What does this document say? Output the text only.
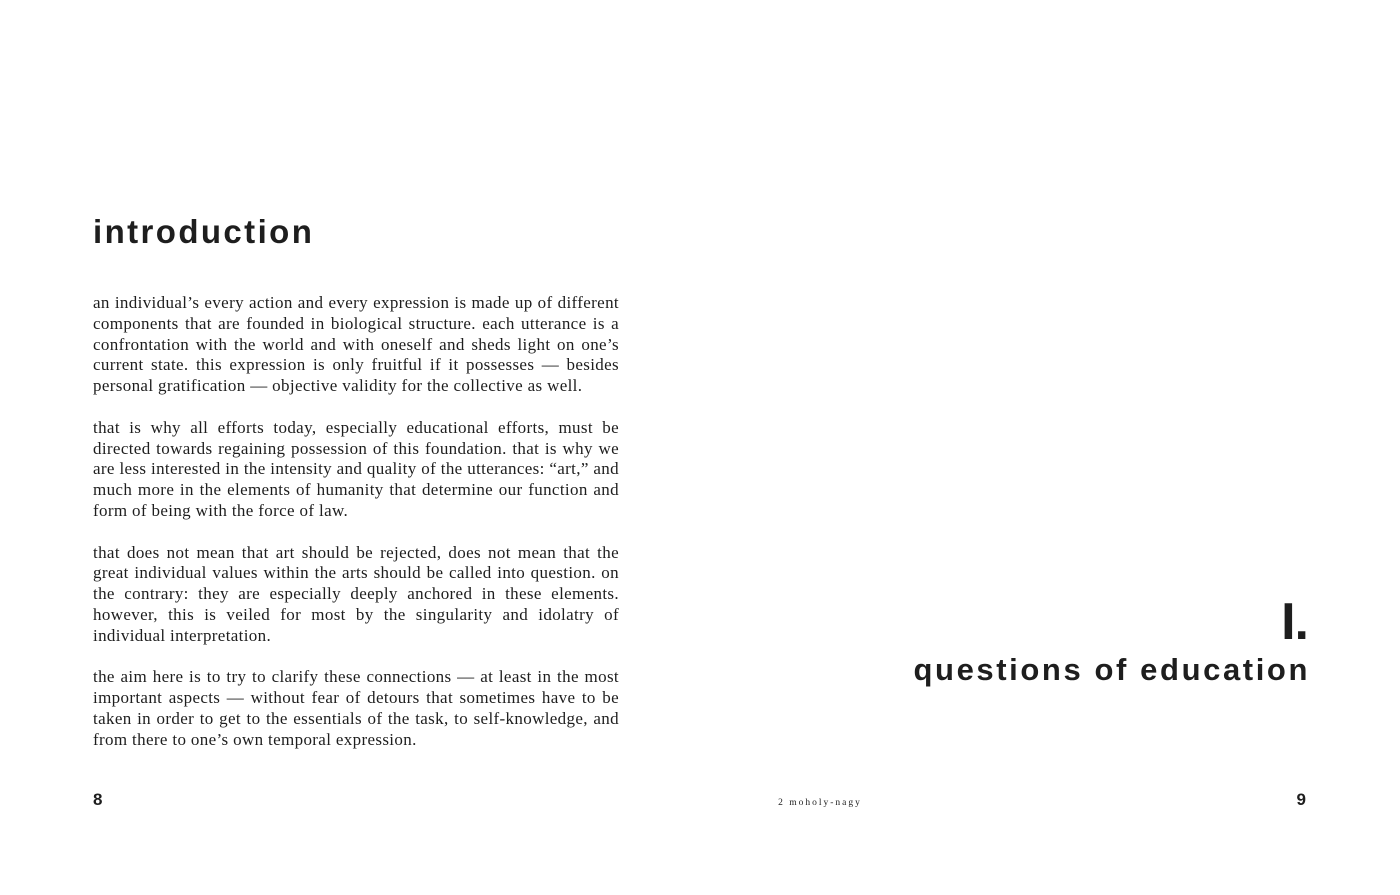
introduction

an individual’s every action and every expression is made up of different components that are founded in biological structure. each utterance is a confrontation with the world and with oneself and sheds light on one’s current state. this expression is only fruitful if it possesses — besides personal gratification — objective validity for the collective as well.

that is why all efforts today, especially educational efforts, must be directed towards regaining possession of this foundation. that is why we are less interested in the intensity and quality of the utterances: “art,” and much more in the elements of humanity that determine our function and form of being with the force of law.

that does not mean that art should be rejected, does not mean that the great individual values within the arts should be called into question. on the contrary: they are especially deeply anchored in these elements. however, this is veiled for most by the singularity and idolatry of individual interpretation.

the aim here is to try to clarify these connections — at least in the most important aspects — without fear of detours that sometimes have to be taken in order to get to the essentials of the task, to self-knowledge, and from there to one’s own temporal expression.

8	2 moholy-nagy
I.
questions of education
9
